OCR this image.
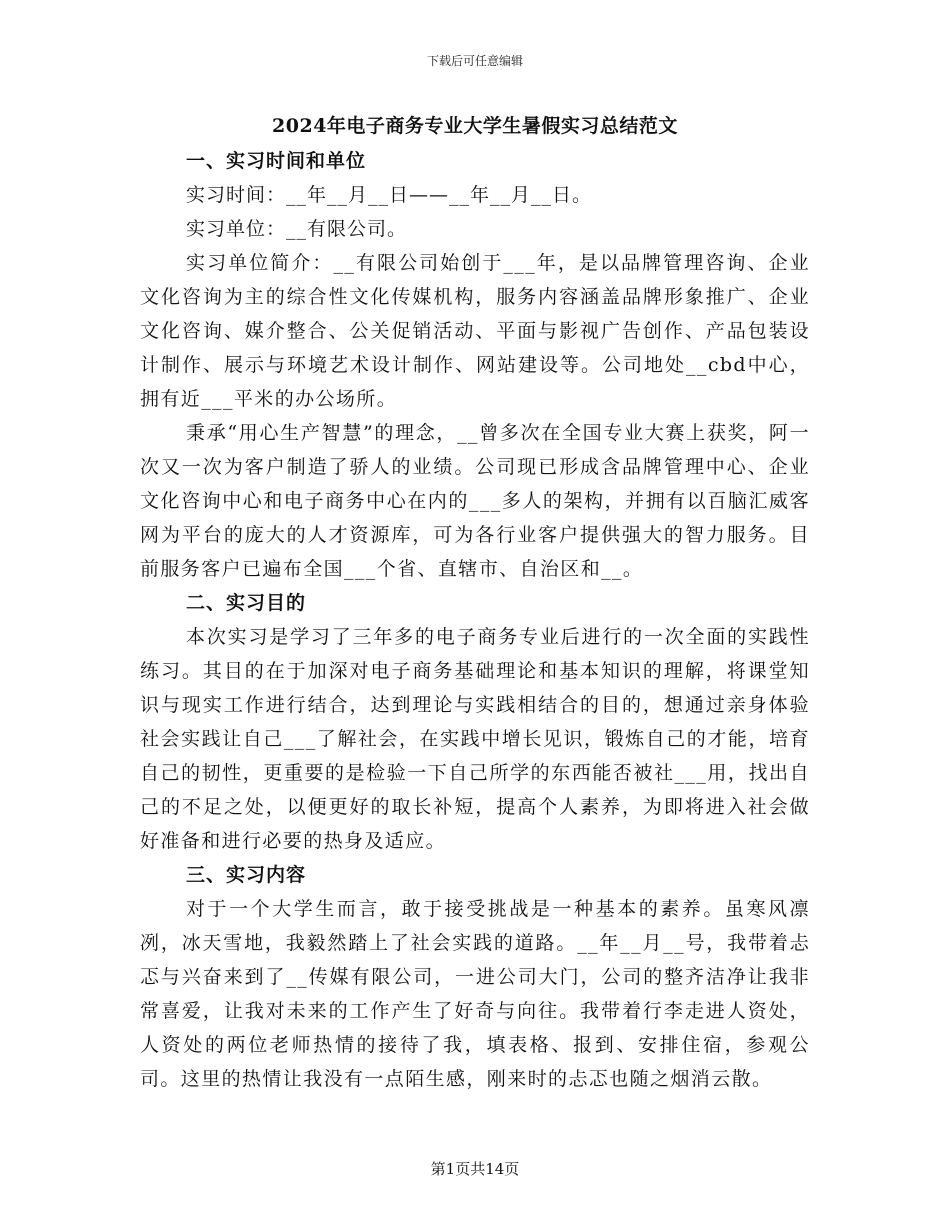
下载后可任意编辑
2024年电子商务专业大学生暑假实习总结范文
一、实习时间和单位

实习时间：__年__月__日——__年__月__日。

实习单位：__有限公司。

实习单位简介：__有限公司始创于___年，是以品牌管理咨询、企业文化咨询为主的综合性文化传媒机构，服务内容涵盖品牌形象推广、企业文化咨询、媒介整合、公关促销活动、平面与影视广告创作、产品包装设计制作、展示与环境艺术设计制作、网站建设等。公司地处__cbd中心，拥有近___平米的办公场所。

秉承“用心生产智慧”的理念，__曾多次在全国专业大赛上获奖，阿一次又一次为客户制造了骄人的业绩。公司现已形成含品牌管理中心、企业文化咨询中心和电子商务中心在内的___多人的架构，并拥有以百脑汇威客网为平台的庞大的人才资源库，可为各行业客户提供强大的智力服务。目前服务客户已遍布全国___个省、直辖市、自治区和__。

二、实习目的

本次实习是学习了三年多的电子商务专业后进行的一次全面的实践性练习。其目的在于加深对电子商务基础理论和基本知识的理解，将课堂知识与现实工作进行结合，达到理论与实践相结合的目的，想通过亲身体验社会实践让自己___了解社会，在实践中增长见识，锻炼自己的才能，培育自己的韧性，更重要的是检验一下自己所学的东西能否被社___用，找出自己的不足之处，以便更好的取长补短，提高个人素养，为即将进入社会做好准备和进行必要的热身及适应。

三、实习内容

对于一个大学生而言，敢于接受挑战是一种基本的素养。虽寒风凛冽，冰天雪地，我毅然踏上了社会实践的道路。__年__月__号，我带着忐忑与兴奋来到了__传媒有限公司，一进公司大门，公司的整齐洁净让我非常喜爱，让我对未来的工作产生了好奇与向往。我带着行李走进人资处，人资处的两位老师热情的接待了我，填表格、报到、安排住宿，参观公司。这里的热情让我没有一点陌生感，刚来时的忐忑也随之烟消云散。

第1页共14页
